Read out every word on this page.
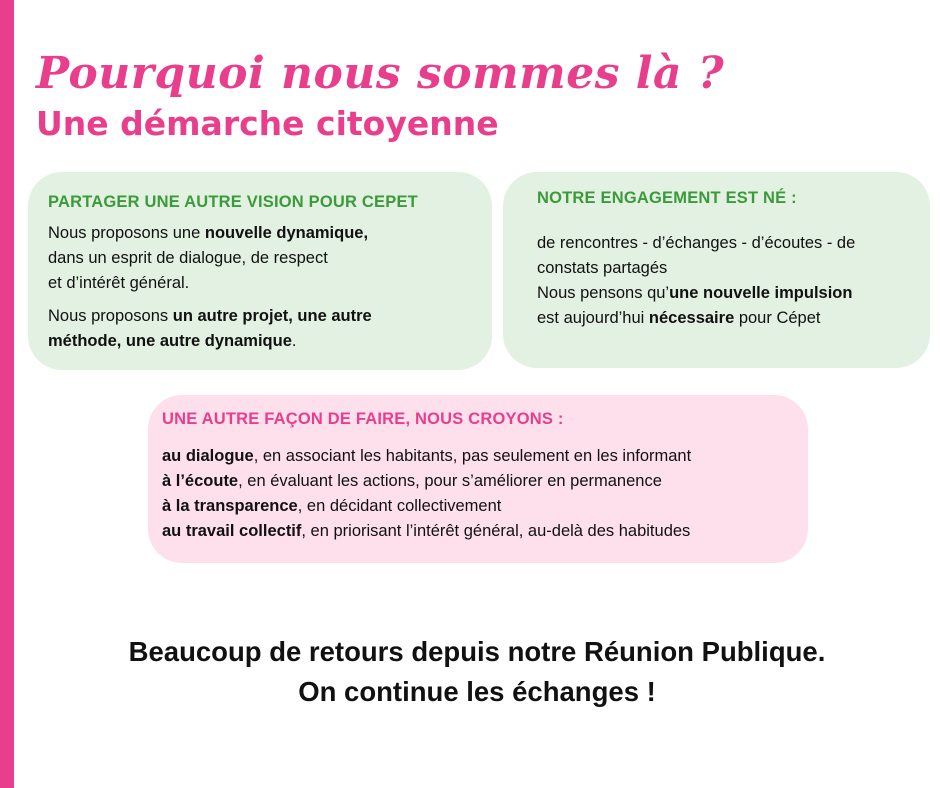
Pourquoi nous sommes là ?
Une démarche citoyenne
PARTAGER UNE AUTRE VISION POUR CEPET

Nous proposons une nouvelle dynamique,
dans un esprit de dialogue, de respect
et d’intérêt général.

Nous proposons un autre projet, une autre
méthode, une autre dynamique.

NOTRE ENGAGEMENT EST NÉ :

de rencontres - d’échanges - d’écoutes - de
constats partagés
Nous pensons qu’une nouvelle impulsion
est aujourd’hui nécessaire pour Cépet

UNE AUTRE FAÇON DE FAIRE, NOUS CROYONS :

au dialogue, en associant les habitants, pas seulement en les informant
à l’écoute, en évaluant les actions, pour s’améliorer en permanence
à la transparence, en décidant collectivement
au travail collectif, en priorisant l’intérêt général, au-delà des habitudes

Beaucoup de retours depuis notre Réunion Publique.
On continue les échanges !
